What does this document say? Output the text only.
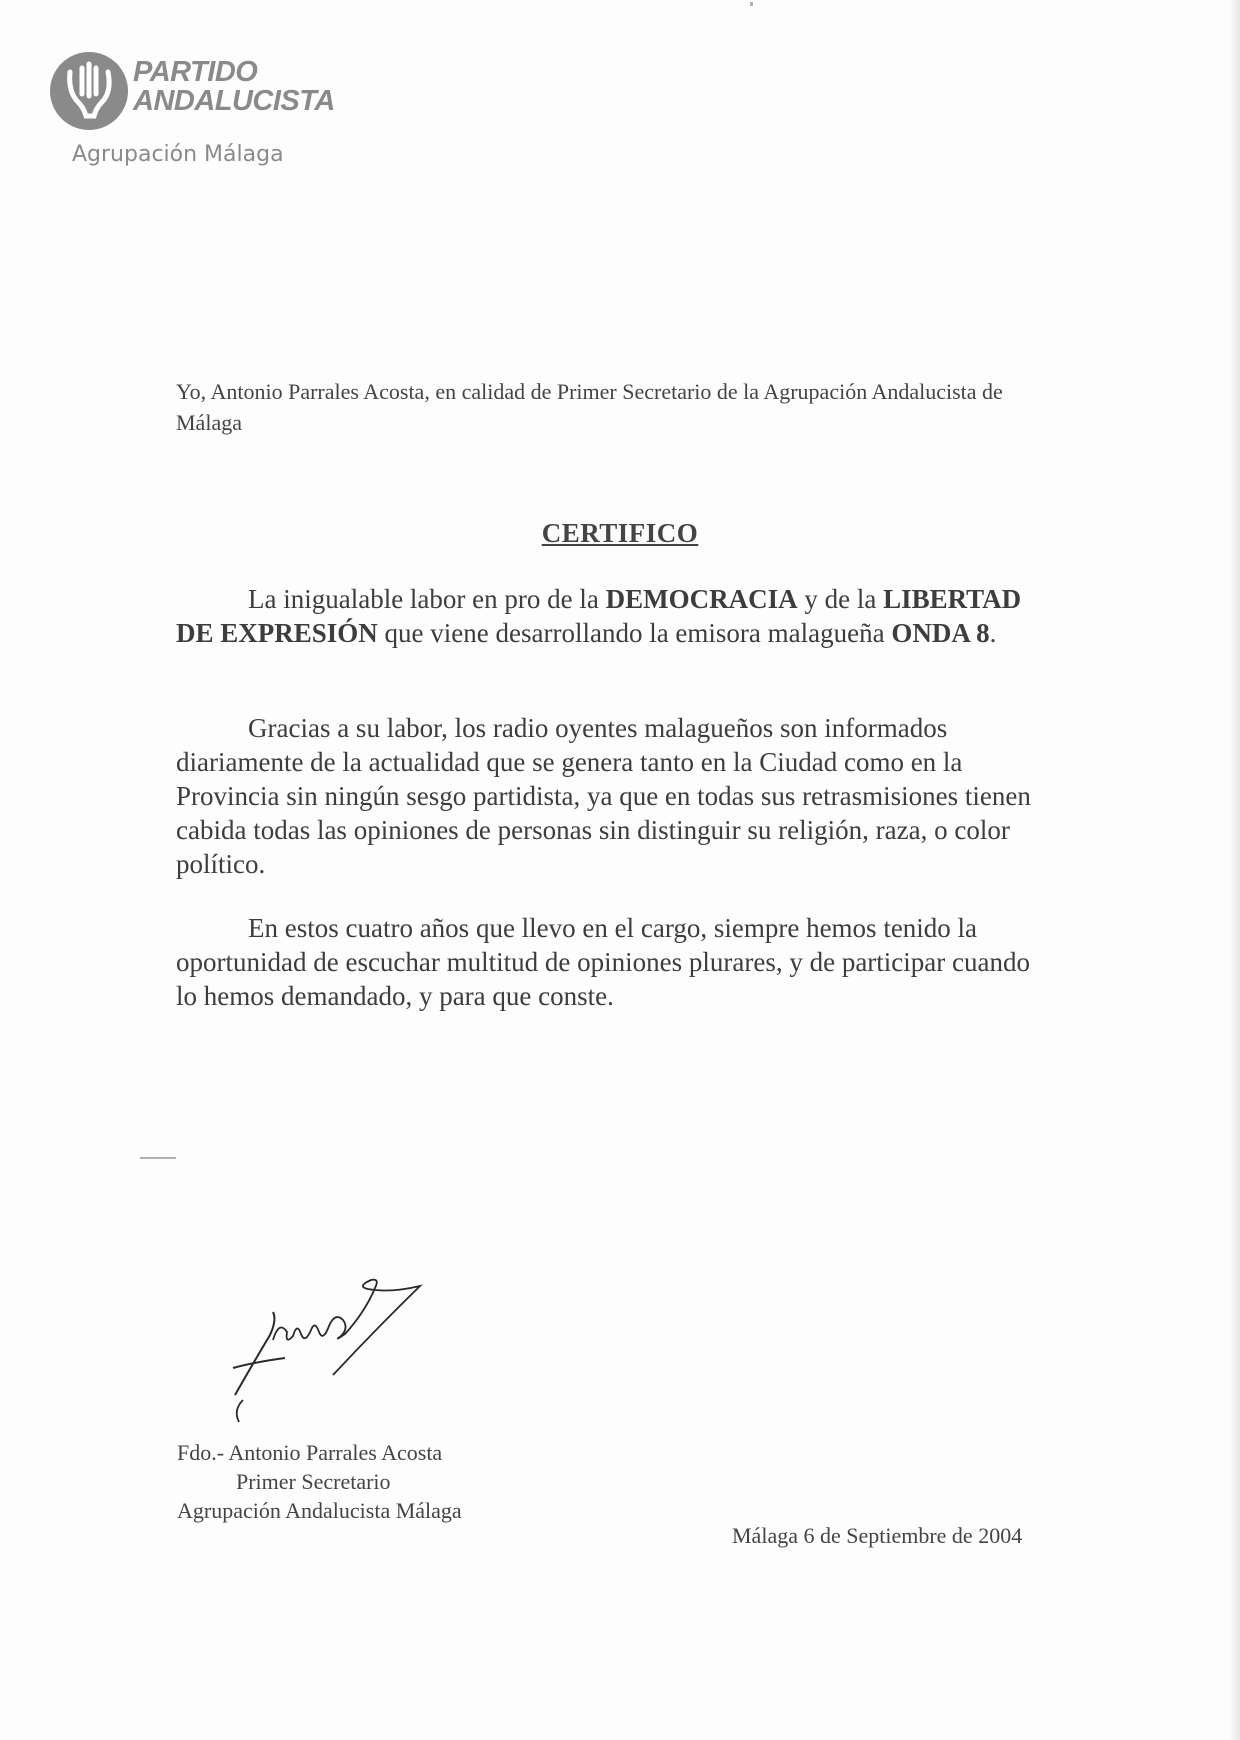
PARTIDO
ANDALUCISTA
Agrupación Málaga
Yo, Antonio Parrales Acosta, en calidad de Primer Secretario de la Agrupación Andalucista de Málaga
CERTIFICO
La inigualable labor en pro de la DEMOCRACIA y de la LIBERTAD DE EXPRESIÓN que viene desarrollando la emisora malagueña ONDA 8.
Gracias a su labor, los radio oyentes malagueños son informados diariamente de la actualidad que se genera tanto en la Ciudad como en la Provincia sin ningún sesgo partidista, ya que en todas sus retrasmisiones tienen cabida todas las opiniones de personas sin distinguir su religión, raza, o color político.
En estos cuatro años que llevo en el cargo, siempre hemos tenido la oportunidad de escuchar multitud de opiniones plurares, y de participar cuando lo hemos demandado, y para que conste.
Fdo.- Antonio Parrales Acosta
Primer Secretario
Agrupación Andalucista Málaga
Málaga 6 de Septiembre de 2004
